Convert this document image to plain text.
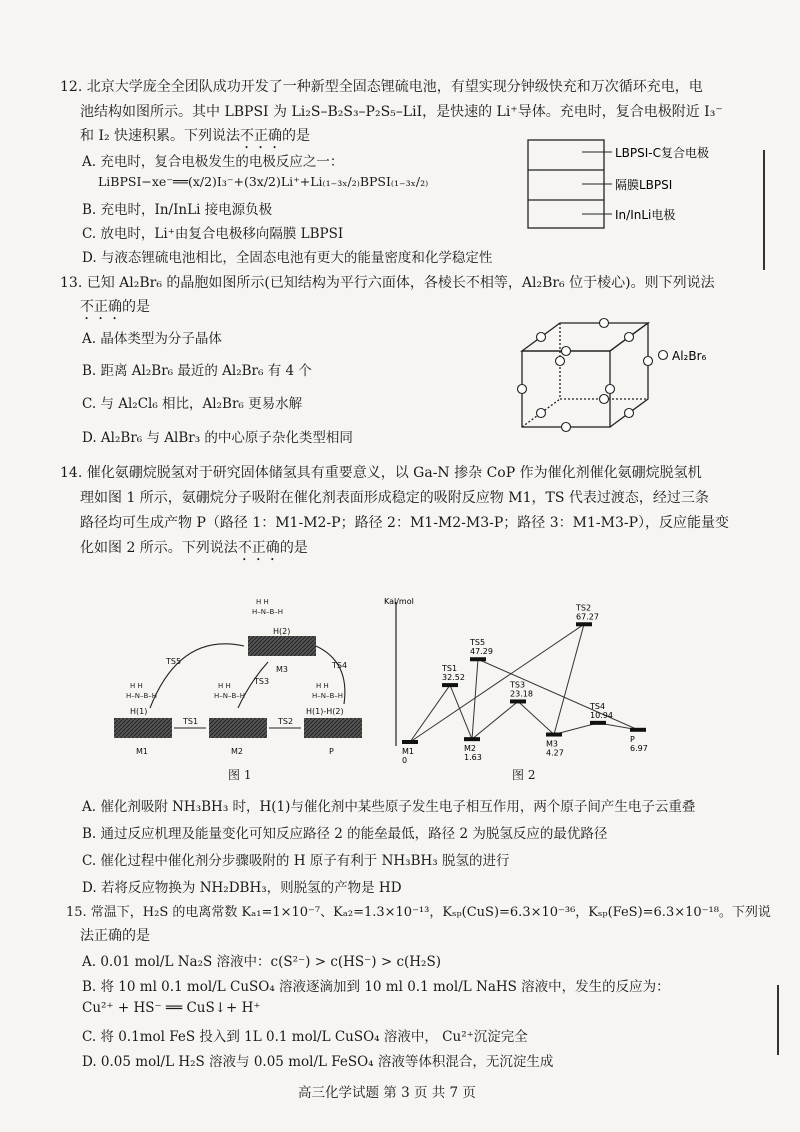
12. 北京大学庞全全团队成功开发了一种新型全固态锂硫电池，有望实现分钟级快充和万次循环充电，电
池结构如图所示。其中 LBPSI 为 Li₂S–B₂S₃–P₂S₅–LiI，是快速的 Li⁺导体。充电时，复合电极附近 I₃⁻
和 I₂ 快速积累。下列说法不正确的是
A. 充电时，复合电极发生的电极反应之一：
LiBPSI−xe⁻══(x/2)I₃⁻+(3x/2)Li⁺+Li₍₁₋₃ₓ/₂₎BPSI₍₁₋₃ₓ/₂₎
B. 充电时，In/InLi 接电源负极
C. 放电时，Li⁺由复合电极移向隔膜 LBPSI
D. 与液态锂硫电池相比，全固态电池有更大的能量密度和化学稳定性
LBPSI-C复合电极
隔膜LBPSI
In/InLi电极
13. 已知 Al₂Br₆ 的晶胞如图所示(已知结构为平行六面体，各棱长不相等，Al₂Br₆ 位于棱心)。则下列说法
不正确的是
A. 晶体类型为分子晶体
B. 距离 Al₂Br₆ 最近的 Al₂Br₆ 有 4 个
C. 与 Al₂Cl₆ 相比，Al₂Br₆ 更易水解
D. Al₂Br₆ 与 AlBr₃ 的中心原子杂化类型相同
Al₂Br₆
14. 催化氨硼烷脱氢对于研究固体储氢具有重要意义，以 Ga-N 掺杂 CoP 作为催化剂催化氨硼烷脱氢机
理如图 1 所示，氨硼烷分子吸附在催化剂表面形成稳定的吸附反应物 M1，TS 代表过渡态，经过三条
路径均可生成产物 P（路径 1：M1-M2-P；路径 2：M1-M2-M3-P；路径 3：M1-M3-P），反应能量变
化如图 2 所示。下列说法不正确的是
M1	M2
M3
P
TS1	TS2
TS3
TS4
TS5
H(1)
H(2)
H(1)-H(2)
H H
H–N–B–H
H H
H–N–B–H
H H
H–N–B–H
H H
H–N–B–H
图 1
Kal/mol
M1
0
TS1
32.52
M2
1.63
TS5
47.29
TS3
23.18
M3
4.27
TS2
67.27
TS4
10.94
P
6.97
图 2
A. 催化剂吸附 NH₃BH₃ 时，H(1)与催化剂中某些原子发生电子相互作用，两个原子间产生电子云重叠
B. 通过反应机理及能量变化可知反应路径 2 的能垒最低，路径 2 为脱氢反应的最优路径
C. 催化过程中催化剂分步骤吸附的 H 原子有利于 NH₃BH₃ 脱氢的进行
D. 若将反应物换为 NH₂DBH₃，则脱氢的产物是 HD
15. 常温下，H₂S 的电离常数 Kₐ₁=1×10⁻⁷、Kₐ₂=1.3×10⁻¹³，Kₛₚ(CuS)=6.3×10⁻³⁶，Kₛₚ(FeS)=6.3×10⁻¹⁸。下列说
法正确的是
A. 0.01 mol/L Na₂S 溶液中：c(S²⁻) > c(HS⁻) > c(H₂S)
B. 将 10 ml 0.1 mol/L CuSO₄ 溶液逐滴加到 10 ml 0.1 mol/L NaHS 溶液中，发生的反应为：
Cu²⁺ + HS⁻ ══ CuS↓+ H⁺
C. 将 0.1mol FeS 投入到 1L 0.1 mol/L CuSO₄ 溶液中， Cu²⁺沉淀完全
D. 0.05 mol/L H₂S 溶液与 0.05 mol/L FeSO₄ 溶液等体积混合，无沉淀生成
高三化学试题 第 3 页 共 7 页
